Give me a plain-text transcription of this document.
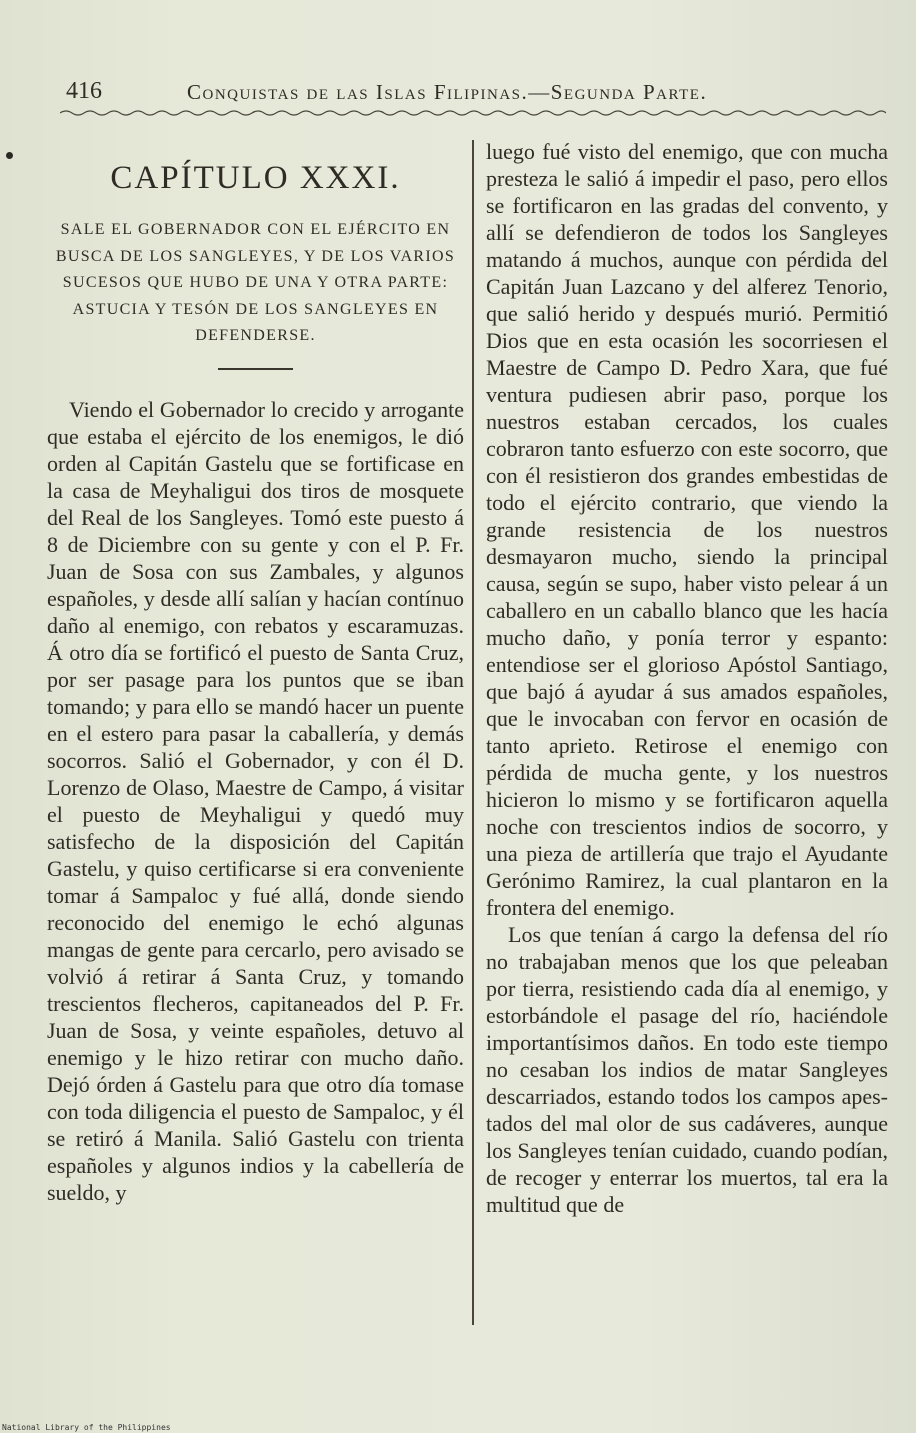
416	Conquistas de las Islas Filipinas.—Segunda Parte.
CAPÍTULO XXXI.

SALE EL GOBERNADOR CON EL EJÉRCITO EN BUSCA DE LOS SANGLEYES, Y DE LOS VARIOS SUCESOS QUE HUBO DE UNA Y OTRA PARTE: ASTUCIA Y TESÓN DE LOS SANGLEYES EN DEFENDERSE.

Viendo el Gobernador lo crecido y arrogante que estaba el ejército de los enemigos, le dió orden al Capitán Gastelu que se fortificase en la casa de Meyhaligui dos tiros de mosquete del Real de los Sangleyes. Tomó este puesto á 8 de Diciembre con su gente y con el P. Fr. Juan de Sosa con sus Zambales, y algunos españoles, y desde allí salían y hacían contínuo daño al enemigo, con rebatos y escaramuzas. Á otro día se fortificó el puesto de Santa Cruz, por ser pasage para los puntos que se iban tomando; y para ello se mandó hacer un puente en el estero para pasar la caballería, y demás socorros. Salió el Gobernador, y con él D. Lorenzo de Olaso, Maestre de Campo, á visitar el puesto de Meyhaligui y quedó muy satisfecho de la disposición del Capitán Gastelu, y quiso certificarse si era conveniente tomar á Sampaloc y fué allá, donde siendo reconocido del enemigo le echó algunas mangas de gente para cercarlo, pero avisado se volvió á retirar á Santa Cruz, y tomando trescientos flecheros, capitaneados del P. Fr. Juan de Sosa, y veinte españoles, detuvo al enemigo y le hizo retirar con mucho daño. Dejó órden á Gastelu para que otro día tomase con toda diligencia el puesto de Sampaloc, y él se retiró á Manila. Salió Gastelu con trienta españoles y algunos indios y la cabellería de sueldo, y

luego fué visto del enemigo, que con mucha presteza le salió á impedir el paso, pero ellos se fortificaron en las gradas del convento, y allí se defendieron de todos los Sangleyes matando á muchos, aunque con pérdida del Capitán Juan Lazcano y del alferez Tenorio, que salió herido y después murió. Permitió Dios que en esta ocasión les socorriesen el Maestre de Campo D. Pedro Xara, que fué ventura pudiesen abrir paso, porque los nuestros estaban cercados, los cuales cobraron tanto esfuerzo con este socorro, que con él resistieron dos grandes embestidas de todo el ejército contrario, que viendo la grande resistencia de los nuestros desmayaron mucho, siendo la principal causa, según se supo, haber visto pelear á un caballero en un caballo blanco que les hacía mucho daño, y ponía terror y espanto: entendiose ser el glorioso Apóstol Santiago, que bajó á ayudar á sus amados españoles, que le invocaban con fervor en ocasión de tanto aprieto. Retirose el enemigo con pérdida de mucha gente, y los nuestros hicieron lo mismo y se fortificaron aquella noche con trescientos indios de socorro, y una pieza de artillería que trajo el Ayudante Gerónimo Ramirez, la cual plantaron en la frontera del enemigo.

Los que tenían á cargo la defensa del río no trabajaban menos que los que peleaban por tierra, resistiendo cada día al enemigo, y estorbándole el pasage del río, haciéndole importantísimos daños. En todo este tiempo no cesaban los indios de matar Sangleyes descarriados, estando todos los campos apestados del mal olor de sus cadáveres, aunque los Sangleyes tenían cuidado, cuando podían, de recoger y enterrar los muertos, tal era la multitud que de

National Library of the Philippines
